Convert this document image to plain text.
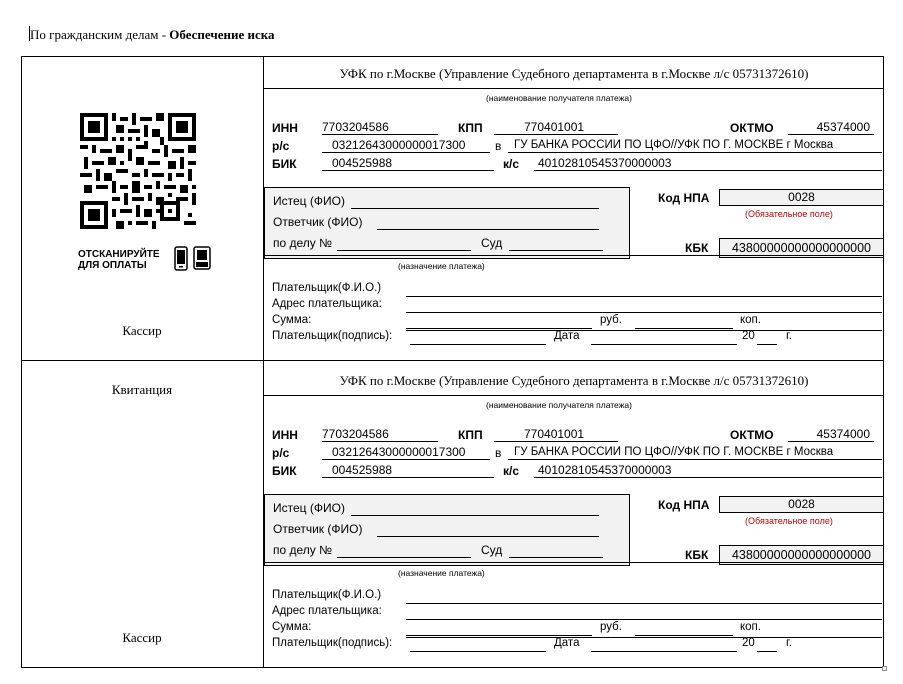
По гражданским делам - Обеспечение иска
ОТСКАНИРУЙТЕ
ДЛЯ ОПЛАТЫ
Кассир
Квитанция
Кассир
УФК по г.Москве (Управление Судебного департамента в г.Москве л/с 05731372610)
(наименование получателя платежа)
ИНН 7703204586	КПП	770401001	ОКТМО	45374000
р/с	03212643000000017300	в	ГУ БАНКА РОССИИ ПО ЦФО//УФК ПО Г. МОСКВЕ г Москва
БИК	004525988	к/с	40102810545370000003
Истец (ФИО)
Ответчик (ФИО)
по делу №	Суд
Код НПА	0028
(Обязательное поле)
КБК	43800000000000000000
(назначение платежа)
Плательщик(Ф.И.О.)
Адрес плательщика:
Сумма:	руб.	коп.
Плательщик(подпись):	Дата	20	г.
УФК по г.Москве (Управление Судебного департамента в г.Москве л/с 05731372610)
(наименование получателя платежа)
ИНН 7703204586	КПП	770401001	ОКТМО	45374000
р/с	03212643000000017300	в	ГУ БАНКА РОССИИ ПО ЦФО//УФК ПО Г. МОСКВЕ г Москва
БИК	004525988	к/с	40102810545370000003
Истец (ФИО)
Ответчик (ФИО)
по делу №	Суд
Код НПА	0028
(Обязательное поле)
КБК	43800000000000000000
(назначение платежа)
Плательщик(Ф.И.О.)
Адрес плательщика:
Сумма:	руб.	коп.
Плательщик(подпись):	Дата	20	г.
